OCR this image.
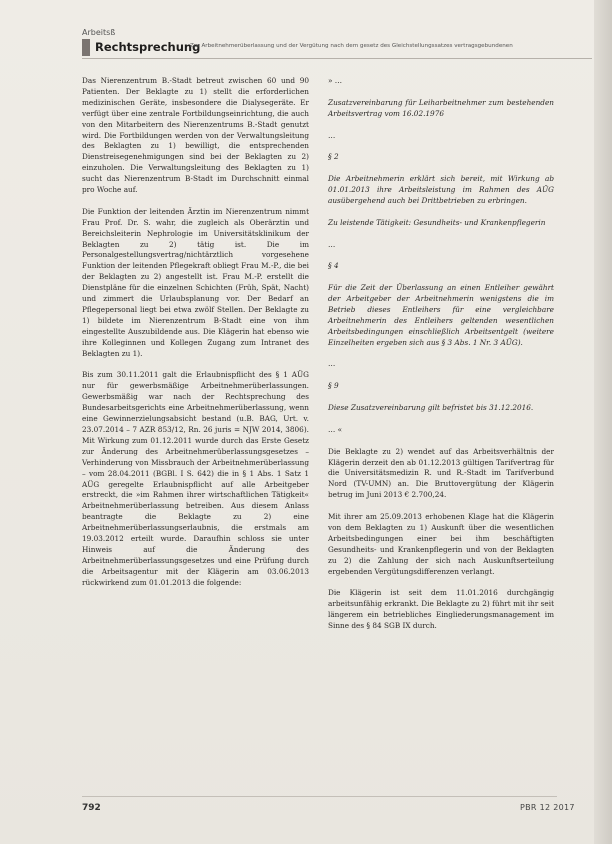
Arbeitsß
Rechtsprechung
Zur Arbeitnehmerüberlassung und der Vergütung nach dem gesetz des Gleichstellungssatzes vertragsgebundenen

Das Nierenzentrum B.-Stadt betreut zwischen 60 und 90 Patienten. Der Beklagte zu 1) stellt die erforderlichen medizinischen Geräte, insbesondere die Dialysegeräte. Er verfügt über eine zentrale Fortbildungseinrichtung, die auch von den Mitarbeitern des Nierenzentrums B.-Stadt genutzt wird. Die Fortbildungen werden von der Verwaltungsleitung des Beklagten zu 1) bewilligt, die entsprechenden Dienstreisegenehmigungen sind bei der Beklagten zu 2) einzuholen. Die Verwaltungsleitung des Beklagten zu 1) sucht das Nierenzentrum B-Stadt im Durchschnitt einmal pro Woche auf.

Die Funktion der leitenden Ärztin im Nierenzentrum nimmt Frau Prof. Dr. S. wahr, die zugleich als Oberärztin und Bereichsleiterin Nephrologie im Universitätsklinikum der Beklagten zu 2) tätig ist. Die im Personalgestellungsvertrag/nichtärztlich vorgesehene Funktion der leitenden Pflegekraft obliegt Frau M.-P., die bei der Beklagten zu 2) angestellt ist. Frau M.-P. erstellt die Dienstpläne für die einzelnen Schichten (Früh, Spät, Nacht) und zimmert die Urlaubsplanung vor. Der Bedarf an Pflegepersonal liegt bei etwa zwölf Stellen. Der Beklagte zu 1) bildete im Nierenzentrum B-Stadt eine von ihm eingestellte Auszubildende aus. Die Klägerin hat ebenso wie ihre Kolleginnen und Kollegen Zugang zum Intranet des Beklagten zu 1).

Bis zum 30.11.2011 galt die Erlaubnispflicht des § 1 AÜG nur für gewerbsmäßige Arbeitnehmerüberlassungen. Gewerbsmäßig war nach der Rechtsprechung des Bundesarbeitsgerichts eine Arbeitnehmerüberlassung, wenn eine Gewinnerzielungsabsicht bestand (u.B. BAG, Urt. v. 23.07.2014 – 7 AZR 853/12, Rn. 26 juris = NJW 2014, 3806). Mit Wirkung zum 01.12.2011 wurde durch das Erste Gesetz zur Änderung des Arbeitnehmerüberlassungsgesetzes – Verhinderung von Missbrauch der Arbeitnehmerüberlassung – vom 28.04.2011 (BGBl. I S. 642) die in § 1 Abs. 1 Satz 1 AÜG geregelte Erlaubnispflicht auf alle Arbeitgeber erstreckt, die »im Rahmen ihrer wirtschaftlichen Tätigkeit« Arbeitnehmerüberlassung betreiben. Aus diesem Anlass beantragte die Beklagte zu 2) eine Arbeitnehmerüberlassungserlaubnis, die erstmals am 19.03.2012 erteilt wurde. Daraufhin schloss sie unter Hinweis auf die Änderung des Arbeitnehmerüberlassungsgesetzes und eine Prüfung durch die Arbeitsagentur mit der Klägerin am 03.06.2013 rückwirkend zum 01.01.2013 die folgende:

» …

Zusatzvereinbarung für Leiharbeitnehmer zum bestehenden Arbeitsvertrag vom 16.02.1976

…

§ 2

Die Arbeitnehmerin erklärt sich bereit, mit Wirkung ab 01.01.2013 ihre Arbeitsleistung im Rahmen des AÜG ausübergehend auch bei Drittbetrieben zu erbringen.

Zu leistende Tätigkeit: Gesundheits- und Krankenpflegerin

…

§ 4

Für die Zeit der Überlassung an einen Entleiher gewährt der Arbeitgeber der Arbeitnehmerin wenigstens die im Betrieb dieses Entleihers für eine vergleichbare Arbeitnehmerin des Entleihers geltenden wesentlichen Arbeitsbedingungen einschließlich Arbeitsentgelt (weitere Einzelheiten ergeben sich aus § 3 Abs. 1 Nr. 3 AÜG).

…

§ 9

Diese Zusatzvereinbarung gilt befristet bis 31.12.2016.

… «

Die Beklagte zu 2) wendet auf das Arbeitsverhältnis der Klägerin derzeit den ab 01.12.2013 gültigen Tarifvertrag für die Universitätsmedizin R. und R.-Stadt im Tarifverbund Nord (TV-UMN) an. Die Bruttovergütung der Klägerin betrug im Juni 2013 € 2.700,24.

Mit ihrer am 25.09.2013 erhobenen Klage hat die Klägerin von dem Beklagten zu 1) Auskunft über die wesentlichen Arbeitsbedingungen einer bei ihm beschäftigten Gesundheits- und Krankenpflegerin und von der Beklagten zu 2) die Zahlung der sich nach Auskunftserteilung ergebenden Vergütungsdifferenzen verlangt.

Die Klägerin ist seit dem 11.01.2016 durchgängig arbeitsunfähig erkrankt. Die Beklagte zu 2) führt mit ihr seit längerem ein betriebliches Eingliederungsmanagement im Sinne des § 84 SGB IX durch.

792	PBR 12 2017
